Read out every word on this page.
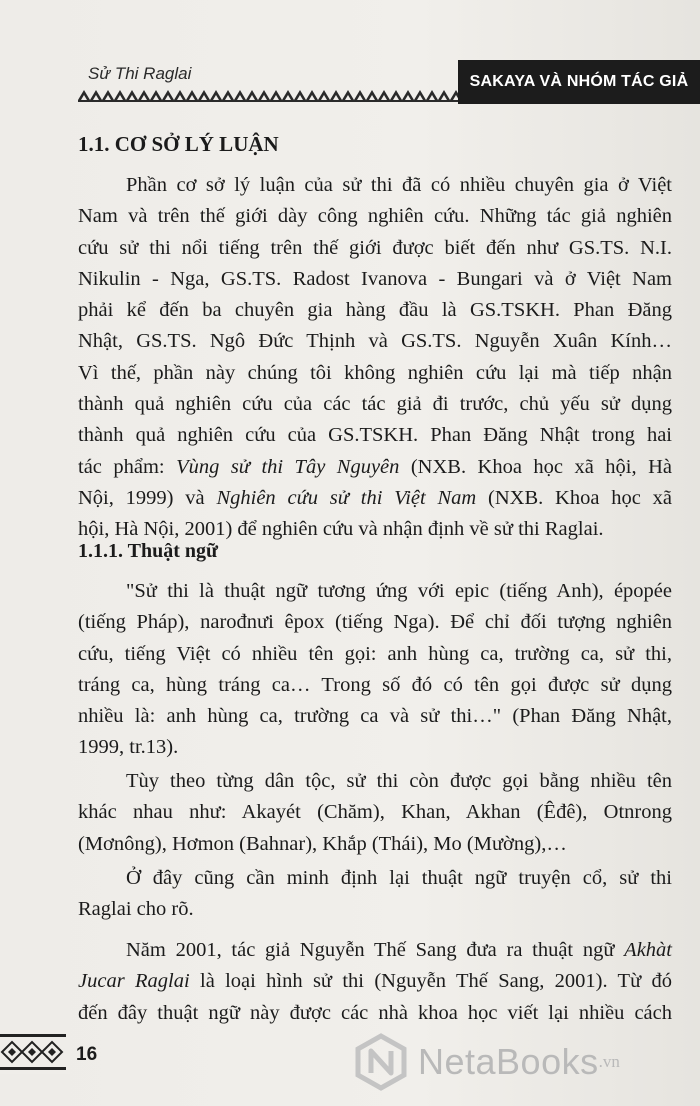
Sử Thi Raglai	SAKAYA VÀ NHÓM TÁC GIẢ
1.1. CƠ SỞ LÝ LUẬN

Phần cơ sở lý luận của sử thi đã có nhiều chuyên gia ở Việt
Nam và trên thế giới dày công nghiên cứu. Những tác giả nghiên
cứu sử thi nổi tiếng trên thế giới được biết đến như GS.TS. N.I.
Nikulin - Nga, GS.TS. Radost Ivanova - Bungari và ở Việt Nam
phải kể đến ba chuyên gia hàng đầu là GS.TSKH. Phan Đăng
Nhật, GS.TS. Ngô Đức Thịnh và GS.TS. Nguyễn Xuân Kính…
Vì thế, phần này chúng tôi không nghiên cứu lại mà tiếp nhận
thành quả nghiên cứu của các tác giả đi trước, chủ yếu sử dụng
thành quả nghiên cứu của GS.TSKH. Phan Đăng Nhật trong hai
tác phẩm: Vùng sử thi Tây Nguyên (NXB. Khoa học xã hội, Hà
Nội, 1999) và Nghiên cứu sử thi Việt Nam (NXB. Khoa học xã
hội, Hà Nội, 2001) để nghiên cứu và nhận định về sử thi Raglai.

1.1.1. Thuật ngữ

"Sử thi là thuật ngữ tương ứng với epic (tiếng Anh), épopée
(tiếng Pháp), narođnưi êpox (tiếng Nga). Để chỉ đối tượng nghiên
cứu, tiếng Việt có nhiều tên gọi: anh hùng ca, trường ca, sử thi,
tráng ca, hùng tráng ca… Trong số đó có tên gọi được sử dụng
nhiều là: anh hùng ca, trường ca và sử thi…" (Phan Đăng Nhật,
1999, tr.13).

Tùy theo từng dân tộc, sử thi còn được gọi bằng nhiều tên
khác nhau như: Akayét (Chăm), Khan, Akhan (Êđê), Otnrong
(Mơnông), Hơmon (Bahnar), Khắp (Thái), Mo (Mường),…

Ở đây cũng cần minh định lại thuật ngữ truyện cổ, sử thi
Raglai cho rõ.

Năm 2001, tác giả Nguyễn Thế Sang đưa ra thuật ngữ Akhàt
Jucar Raglai là loại hình sử thi (Nguyễn Thế Sang, 2001). Từ đó
đến đây thuật ngữ này được các nhà khoa học viết lại nhiều cách

16	NetaBooks .vn
